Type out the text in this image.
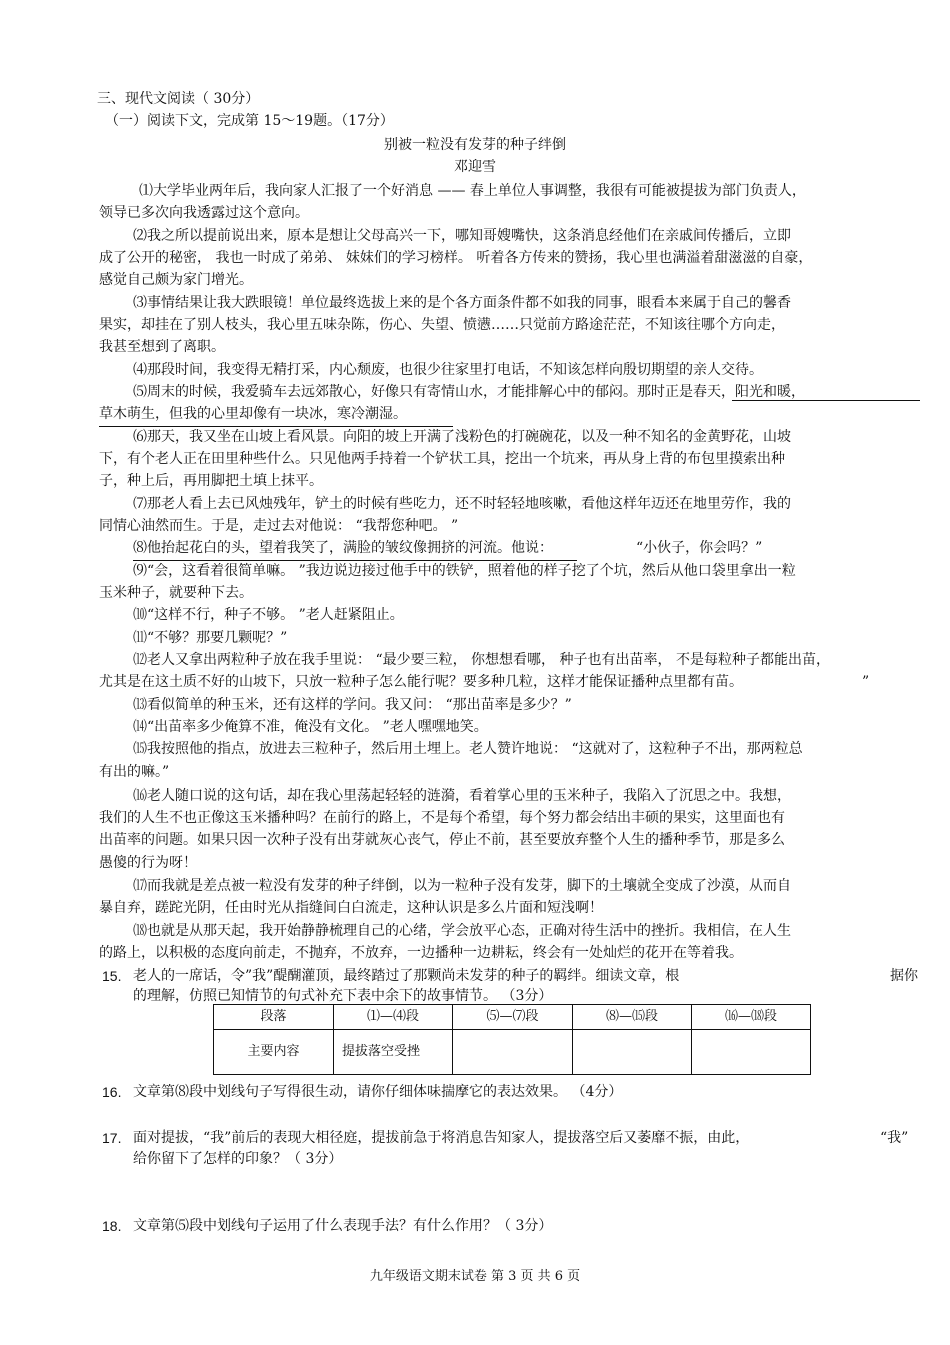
三、现代文阅读（ 30分）
（一）阅读下文，完成第 15～19题。（17分）
别被一粒没有发芽的种子绊倒
邓迎雪
⑴大学毕业两年后，我向家人汇报了一个好消息 —— 春上单位人事调整，我很有可能被提拔为部门负责人，
领导已多次向我透露过这个意向。
⑵我之所以提前说出来，原本是想让父母高兴一下，哪知哥嫂嘴快，这条消息经他们在亲戚间传播后，立即
成了公开的秘密， 我也一时成了弟弟、 妹妹们的学习榜样。 听着各方传来的赞扬，我心里也满溢着甜滋滋的自豪，
感觉自己颇为家门增光。
⑶事情结果让我大跌眼镜！单位最终选拔上来的是个各方面条件都不如我的同事，眼看本来属于自己的馨香
果实，却挂在了别人枝头，我心里五味杂陈，伤心、失望、愤懑……只觉前方路途茫茫，不知该往哪个方向走，
我甚至想到了离职。
⑷那段时间，我变得无精打采，内心颓废，也很少往家里打电话，不知该怎样向殷切期望的亲人交待。
⑸周末的时候，我爱骑车去远郊散心，好像只有寄情山水，才能排解心中的郁闷。那时正是春天，阳光和暖，
草木萌生，但我的心里却像有一块冰，寒冷潮湿。
⑹那天，我又坐在山坡上看风景。向阳的坡上开满了浅粉色的打碗碗花，以及一种不知名的金黄野花，山坡
下，有个老人正在田里种些什么。只见他两手持着一个铲状工具，挖出一个坑来，再从身上背的布包里摸索出种
子，种上后，再用脚把土填上抹平。
⑺那老人看上去已风烛残年，铲土的时候有些吃力，还不时轻轻地咳嗽，看他这样年迈还在地里劳作，我的
同情心油然而生。于是，走过去对他说： “我帮您种吧。 ”
⑻他抬起花白的头，望着我笑了，满脸的皱纹像拥挤的河流。他说：	“小伙子，你会吗？”
⑼“会，这看着很简单嘛。 ”我边说边接过他手中的铁铲，照着他的样子挖了个坑，然后从他口袋里拿出一粒
玉米种子，就要种下去。
⑽“这样不行，种子不够。 ”老人赶紧阻止。
⑾“不够？那要几颗呢？”
⑿老人又拿出两粒种子放在我手里说： “最少要三粒， 你想想看哪， 种子也有出苗率， 不是每粒种子都能出苗，
尤其是在这土质不好的山坡下，只放一粒种子怎么能行呢？要多种几粒，这样才能保证播种点里都有苗。	”
⒀看似简单的种玉米，还有这样的学问。我又问： “那出苗率是多少？”
⒁“出苗率多少俺算不准，俺没有文化。 ”老人嘿嘿地笑。
⒂我按照他的指点，放进去三粒种子，然后用土埋上。老人赞许地说： “这就对了，这粒种子不出，那两粒总
有出的嘛。”
⒃老人随口说的这句话，却在我心里荡起轻轻的涟漪，看着掌心里的玉米种子，我陷入了沉思之中。我想，
我们的人生不也正像这玉米播种吗？在前行的路上，不是每个希望，每个努力都会结出丰硕的果实，这里面也有
出苗率的问题。如果只因一次种子没有出芽就灰心丧气，停止不前，甚至要放弃整个人生的播种季节，那是多么
愚傻的行为呀！
⒄而我就是差点被一粒没有发芽的种子绊倒，以为一粒种子没有发芽，脚下的土壤就全变成了沙漠，从而自
暴自弃，蹉跎光阴，任由时光从指缝间白白流走，这种认识是多么片面和短浅啊！
⒅也就是从那天起，我开始静静梳理自己的心绪，学会放平心态，正确对待生活中的挫折。我相信，在人生
的路上，以积极的态度向前走，不抛弃，不放弃，一边播种一边耕耘，终会有一处灿烂的花开在等着我。
15. 老人的一席话，令”我”醍醐灌顶，最终踏过了那颗尚未发芽的种子的羁绊。细读文章，根	据你
的理解，仿照已知情节的句式补充下表中余下的故事情节。 （3分）
段落	⑴—⑷段	⑸—⑺段	⑻—⒂段	⒃—⒅段
主要内容	提拔落空受挫			
16. 文章第⑻段中划线句子写得很生动，请你仔细体味揣摩它的表达效果。 （4分）
17. 面对提拔，“我”前后的表现大相径庭，提拔前急于将消息告知家人，提拔落空后又萎靡不振，由此，	“我”
给你留下了怎样的印象？（ 3分）
18. 文章第⑸段中划线句子运用了什么表现手法？有什么作用？（ 3分）
九年级语文期末试卷 第 3 页 共 6 页
